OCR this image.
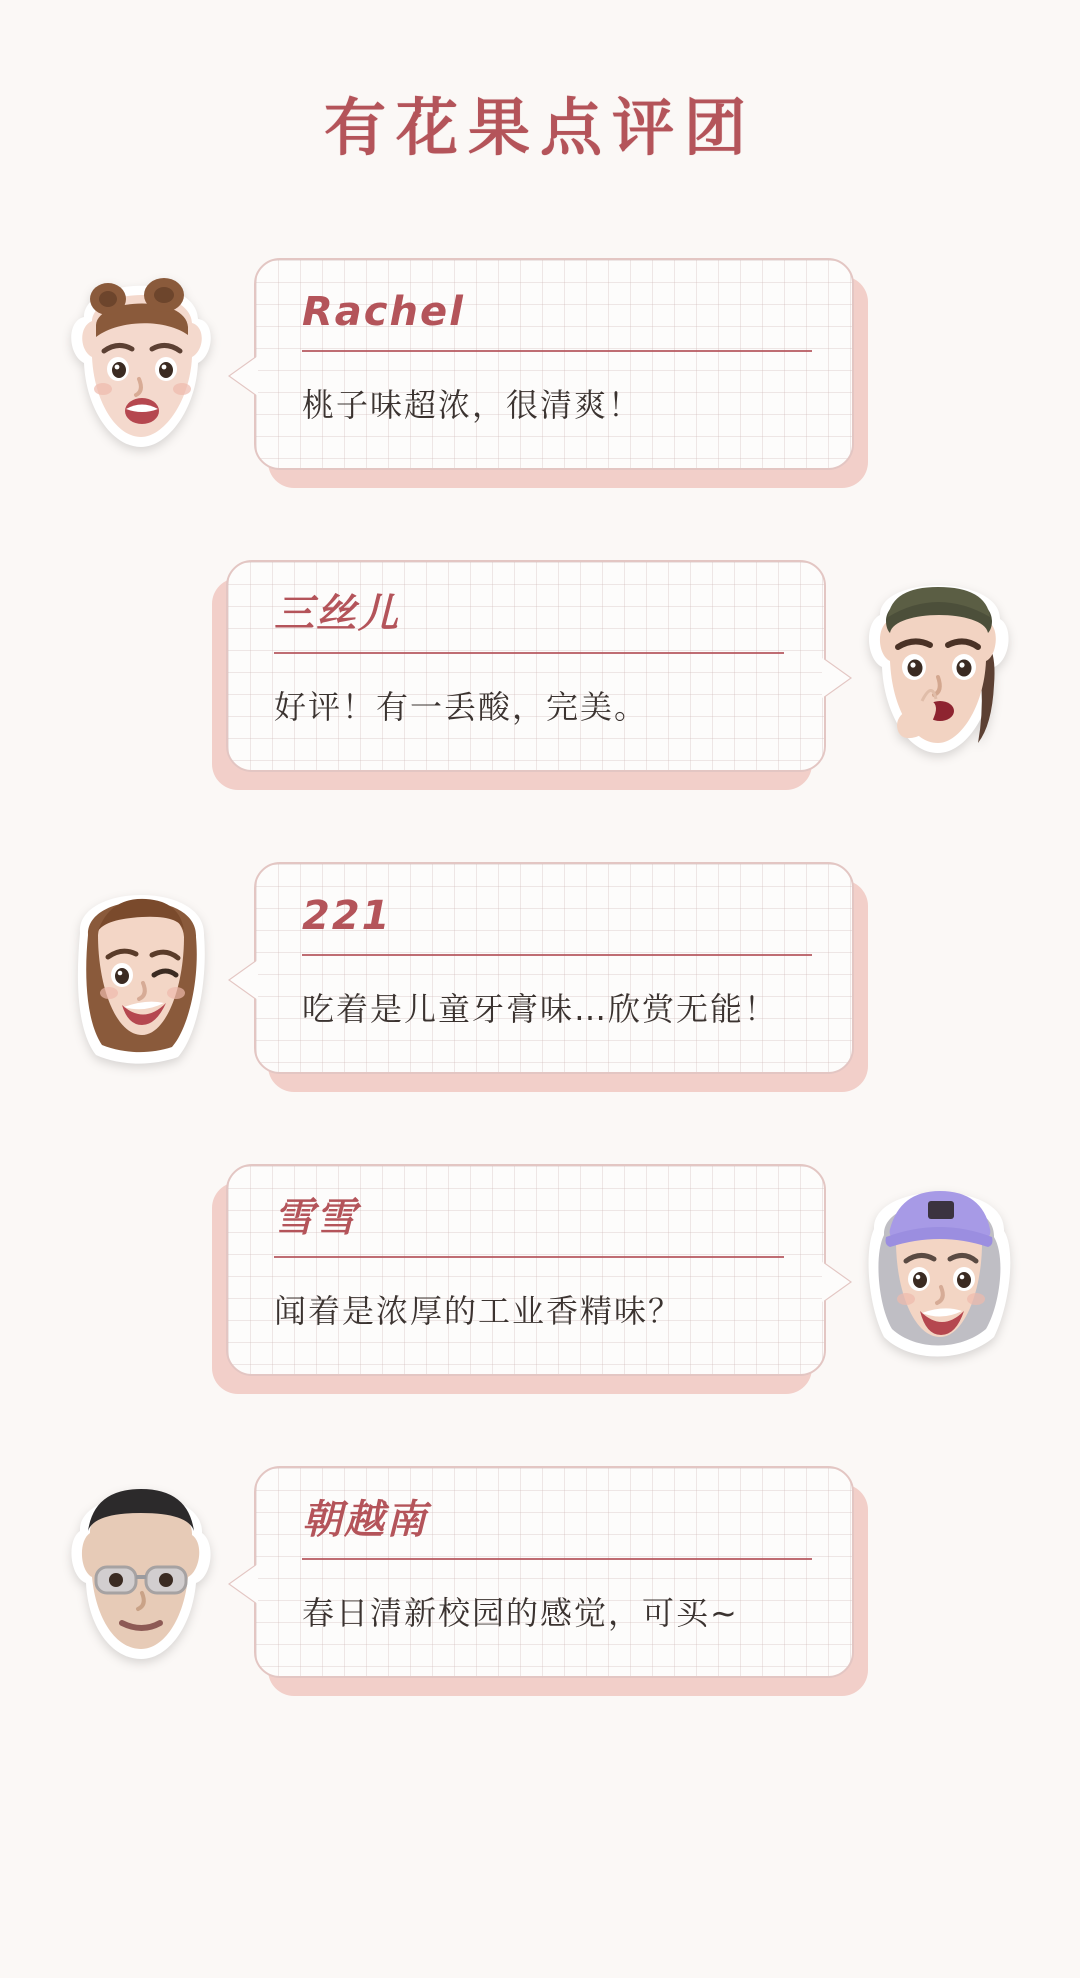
有花果点评团

Rachel

桃子味超浓，很清爽！

三丝儿

好评！有一丢酸，完美。

221

吃着是儿童牙膏味…欣赏无能！

雪雪

闻着是浓厚的工业香精味？

朝越南

春日清新校园的感觉，可买~
